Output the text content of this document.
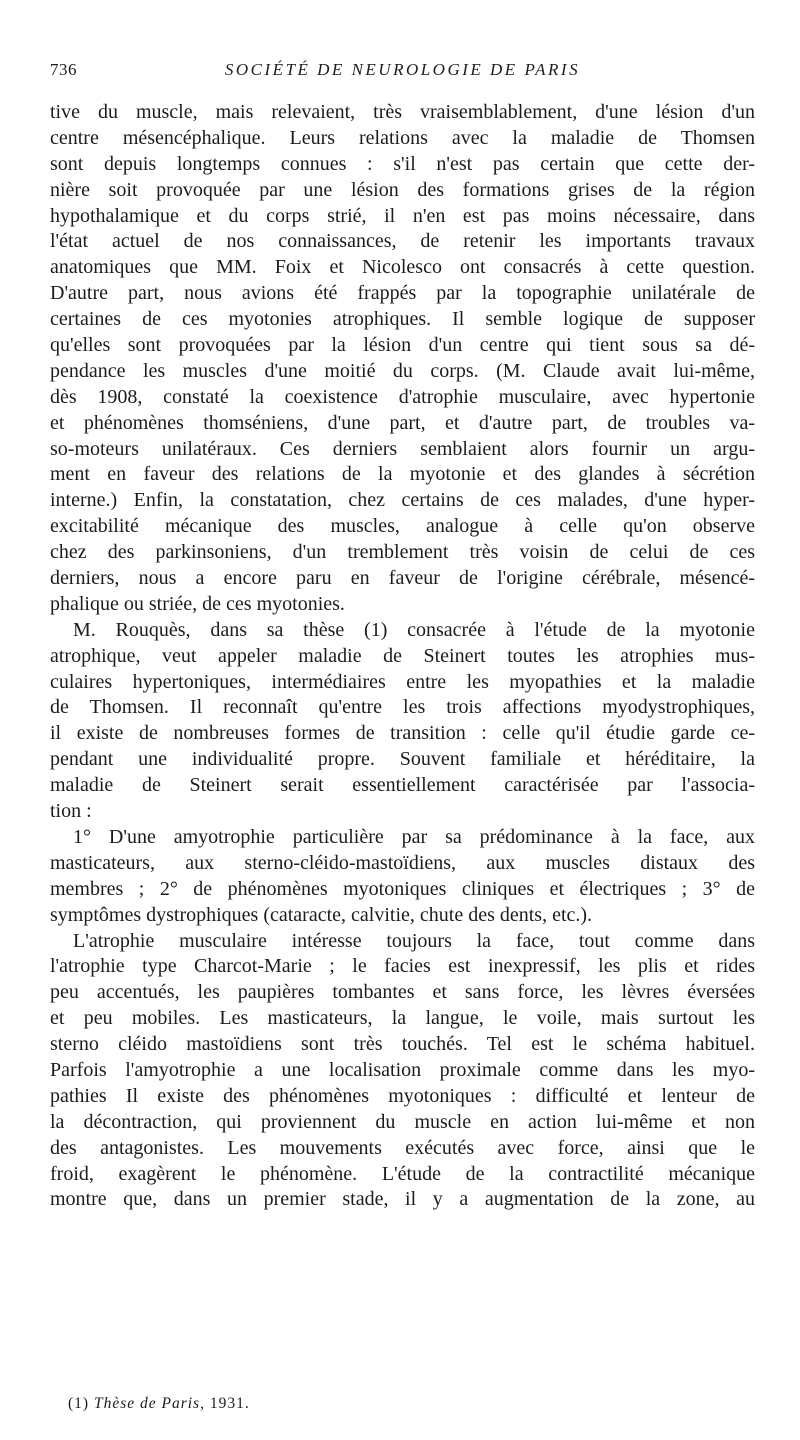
736	SOCIÉTÉ DE NEUROLOGIE DE PARIS
tive du muscle, mais relevaient, très vraisemblablement, d'une lésion d'un
centre mésencéphalique. Leurs relations avec la maladie de Thomsen
sont depuis longtemps connues : s'il n'est pas certain que cette der-
nière soit provoquée par une lésion des formations grises de la région
hypothalamique et du corps strié, il n'en est pas moins nécessaire, dans
l'état actuel de nos connaissances, de retenir les importants travaux
anatomiques que MM. Foix et Nicolesco ont consacrés à cette question.
D'autre part, nous avions été frappés par la topographie unilatérale de
certaines de ces myotonies atrophiques. Il semble logique de supposer
qu'elles sont provoquées par la lésion d'un centre qui tient sous sa dé-
pendance les muscles d'une moitié du corps. (M. Claude avait lui-même,
dès 1908, constaté la coexistence d'atrophie musculaire, avec hypertonie
et phénomènes thomséniens, d'une part, et d'autre part, de troubles va-
so-moteurs unilatéraux. Ces derniers semblaient alors fournir un argu-
ment en faveur des relations de la myotonie et des glandes à sécrétion
interne.) Enfin, la constatation, chez certains de ces malades, d'une hyper-
excitabilité mécanique des muscles, analogue à celle qu'on observe
chez des parkinsoniens, d'un tremblement très voisin de celui de ces
derniers, nous a encore paru en faveur de l'origine cérébrale, mésencé-
phalique ou striée, de ces myotonies.
M. Rouquès, dans sa thèse (1) consacrée à l'étude de la myotonie
atrophique, veut appeler maladie de Steinert toutes les atrophies mus-
culaires hypertoniques, intermédiaires entre les myopathies et la maladie
de Thomsen. Il reconnaît qu'entre les trois affections myodystrophiques,
il existe de nombreuses formes de transition : celle qu'il étudie garde ce-
pendant une individualité propre. Souvent familiale et héréditaire, la
maladie de Steinert serait essentiellement caractérisée par l'associa-
tion :
1° D'une amyotrophie particulière par sa prédominance à la face, aux
masticateurs, aux sterno-cléido-mastoïdiens, aux muscles distaux des
membres ; 2° de phénomènes myotoniques cliniques et électriques ; 3° de
symptômes dystrophiques (cataracte, calvitie, chute des dents, etc.).
L'atrophie musculaire intéresse toujours la face, tout comme dans
l'atrophie type Charcot-Marie ; le facies est inexpressif, les plis et rides
peu accentués, les paupières tombantes et sans force, les lèvres éversées
et peu mobiles. Les masticateurs, la langue, le voile, mais surtout les
sterno cléido mastoïdiens sont très touchés. Tel est le schéma habituel.
Parfois l'amyotrophie a une localisation proximale comme dans les myo-
pathies Il existe des phénomènes myotoniques : difficulté et lenteur de
la décontraction, qui proviennent du muscle en action lui-même et non
des antagonistes. Les mouvements exécutés avec force, ainsi que le
froid, exagèrent le phénomène. L'étude de la contractilité mécanique
montre que, dans un premier stade, il y a augmentation de la zone, au
(1) Thèse de Paris, 1931.
